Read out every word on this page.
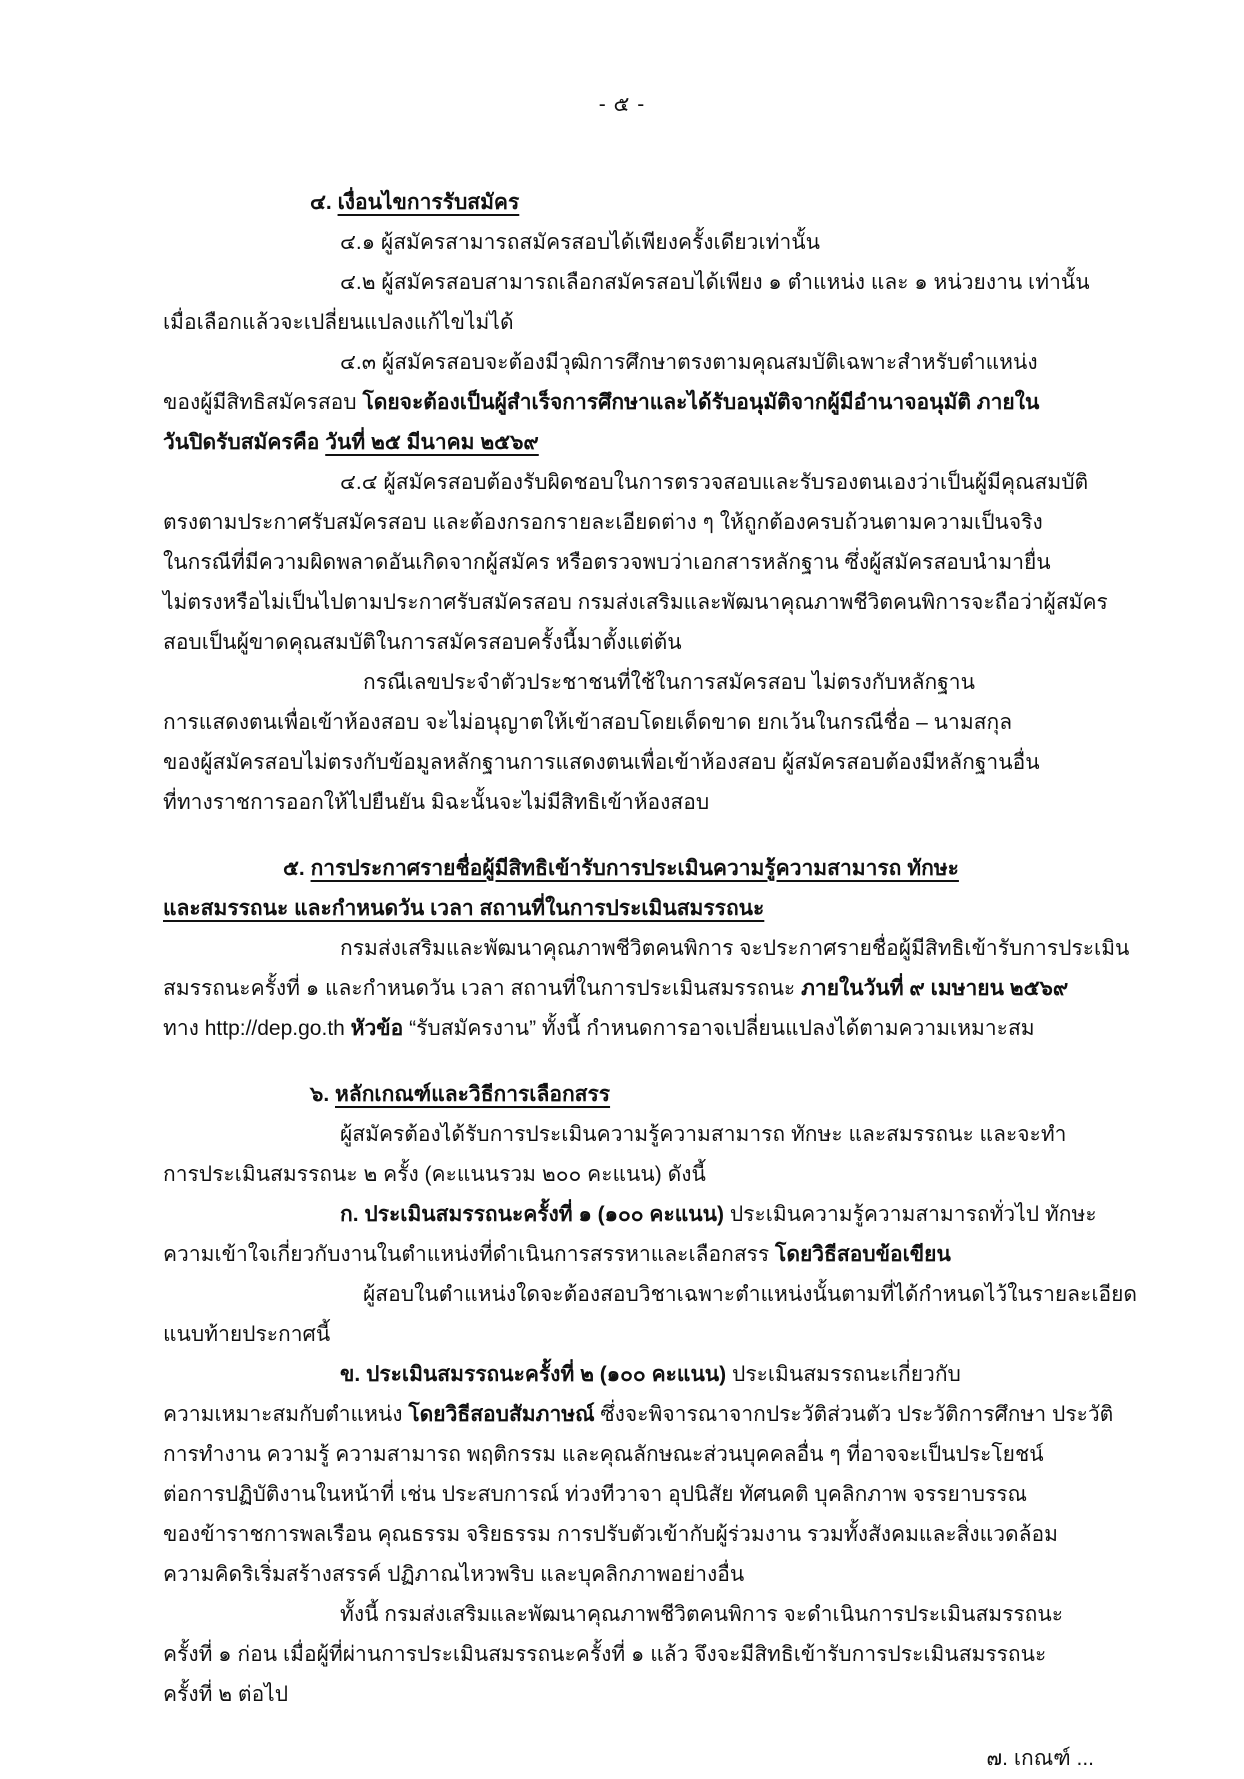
- ๕ -
๔. เงื่อนไขการรับสมัคร
๔.๑ ผู้สมัครสามารถสมัครสอบได้เพียงครั้งเดียวเท่านั้น
๔.๒ ผู้สมัครสอบสามารถเลือกสมัครสอบได้เพียง ๑ ตำแหน่ง และ ๑ หน่วยงาน เท่านั้น
เมื่อเลือกแล้วจะเปลี่ยนแปลงแก้ไขไม่ได้
๔.๓ ผู้สมัครสอบจะต้องมีวุฒิการศึกษาตรงตามคุณสมบัติเฉพาะสำหรับตำแหน่ง
ของผู้มีสิทธิสมัครสอบ โดยจะต้องเป็นผู้สำเร็จการศึกษาและได้รับอนุมัติจากผู้มีอำนาจอนุมัติ ภายใน
วันปิดรับสมัครคือ วันที่ ๒๕ มีนาคม ๒๕๖๙
๔.๔ ผู้สมัครสอบต้องรับผิดชอบในการตรวจสอบและรับรองตนเองว่าเป็นผู้มีคุณสมบัติ
ตรงตามประกาศรับสมัครสอบ และต้องกรอกรายละเอียดต่าง ๆ ให้ถูกต้องครบถ้วนตามความเป็นจริง
ในกรณีที่มีความผิดพลาดอันเกิดจากผู้สมัคร หรือตรวจพบว่าเอกสารหลักฐาน ซึ่งผู้สมัครสอบนำมายื่น
ไม่ตรงหรือไม่เป็นไปตามประกาศรับสมัครสอบ กรมส่งเสริมและพัฒนาคุณภาพชีวิตคนพิการจะถือว่าผู้สมัคร
สอบเป็นผู้ขาดคุณสมบัติในการสมัครสอบครั้งนี้มาตั้งแต่ต้น
กรณีเลขประจำตัวประชาชนที่ใช้ในการสมัครสอบ ไม่ตรงกับหลักฐาน
การแสดงตนเพื่อเข้าห้องสอบ จะไม่อนุญาตให้เข้าสอบโดยเด็ดขาด ยกเว้นในกรณีชื่อ – นามสกุล
ของผู้สมัครสอบไม่ตรงกับข้อมูลหลักฐานการแสดงตนเพื่อเข้าห้องสอบ ผู้สมัครสอบต้องมีหลักฐานอื่น
ที่ทางราชการออกให้ไปยืนยัน มิฉะนั้นจะไม่มีสิทธิเข้าห้องสอบ
๕. การประกาศรายชื่อผู้มีสิทธิเข้ารับการประเมินความรู้ความสามารถ ทักษะ
และสมรรถนะ และกำหนดวัน เวลา สถานที่ในการประเมินสมรรถนะ
กรมส่งเสริมและพัฒนาคุณภาพชีวิตคนพิการ จะประกาศรายชื่อผู้มีสิทธิเข้ารับการประเมิน
สมรรถนะครั้งที่ ๑ และกำหนดวัน เวลา สถานที่ในการประเมินสมรรถนะ ภายในวันที่ ๙ เมษายน ๒๕๖๙
ทาง http://dep.go.th หัวข้อ “รับสมัครงาน” ทั้งนี้ กำหนดการอาจเปลี่ยนแปลงได้ตามความเหมาะสม
๖. หลักเกณฑ์และวิธีการเลือกสรร
ผู้สมัครต้องได้รับการประเมินความรู้ความสามารถ ทักษะ และสมรรถนะ และจะทำ
การประเมินสมรรถนะ ๒ ครั้ง (คะแนนรวม ๒๐๐ คะแนน) ดังนี้
ก. ประเมินสมรรถนะครั้งที่ ๑ (๑๐๐ คะแนน) ประเมินความรู้ความสามารถทั่วไป ทักษะ
ความเข้าใจเกี่ยวกับงานในตำแหน่งที่ดำเนินการสรรหาและเลือกสรร โดยวิธีสอบข้อเขียน
ผู้สอบในตำแหน่งใดจะต้องสอบวิชาเฉพาะตำแหน่งนั้นตามที่ได้กำหนดไว้ในรายละเอียด
แนบท้ายประกาศนี้
ข. ประเมินสมรรถนะครั้งที่ ๒ (๑๐๐ คะแนน) ประเมินสมรรถนะเกี่ยวกับ
ความเหมาะสมกับตำแหน่ง โดยวิธีสอบสัมภาษณ์ ซึ่งจะพิจารณาจากประวัติส่วนตัว ประวัติการศึกษา ประวัติ
การทำงาน ความรู้ ความสามารถ พฤติกรรม และคุณลักษณะส่วนบุคคลอื่น ๆ ที่อาจจะเป็นประโยชน์
ต่อการปฏิบัติงานในหน้าที่ เช่น ประสบการณ์ ท่วงทีวาจา อุปนิสัย ทัศนคติ บุคลิกภาพ จรรยาบรรณ
ของข้าราชการพลเรือน คุณธรรม จริยธรรม การปรับตัวเข้ากับผู้ร่วมงาน รวมทั้งสังคมและสิ่งแวดล้อม
ความคิดริเริ่มสร้างสรรค์ ปฏิภาณไหวพริบ และบุคลิกภาพอย่างอื่น
ทั้งนี้ กรมส่งเสริมและพัฒนาคุณภาพชีวิตคนพิการ จะดำเนินการประเมินสมรรถนะ
ครั้งที่ ๑ ก่อน เมื่อผู้ที่ผ่านการประเมินสมรรถนะครั้งที่ ๑ แล้ว จึงจะมีสิทธิเข้ารับการประเมินสมรรถนะ
ครั้งที่ ๒ ต่อไป
๗. เกณฑ์ ...
